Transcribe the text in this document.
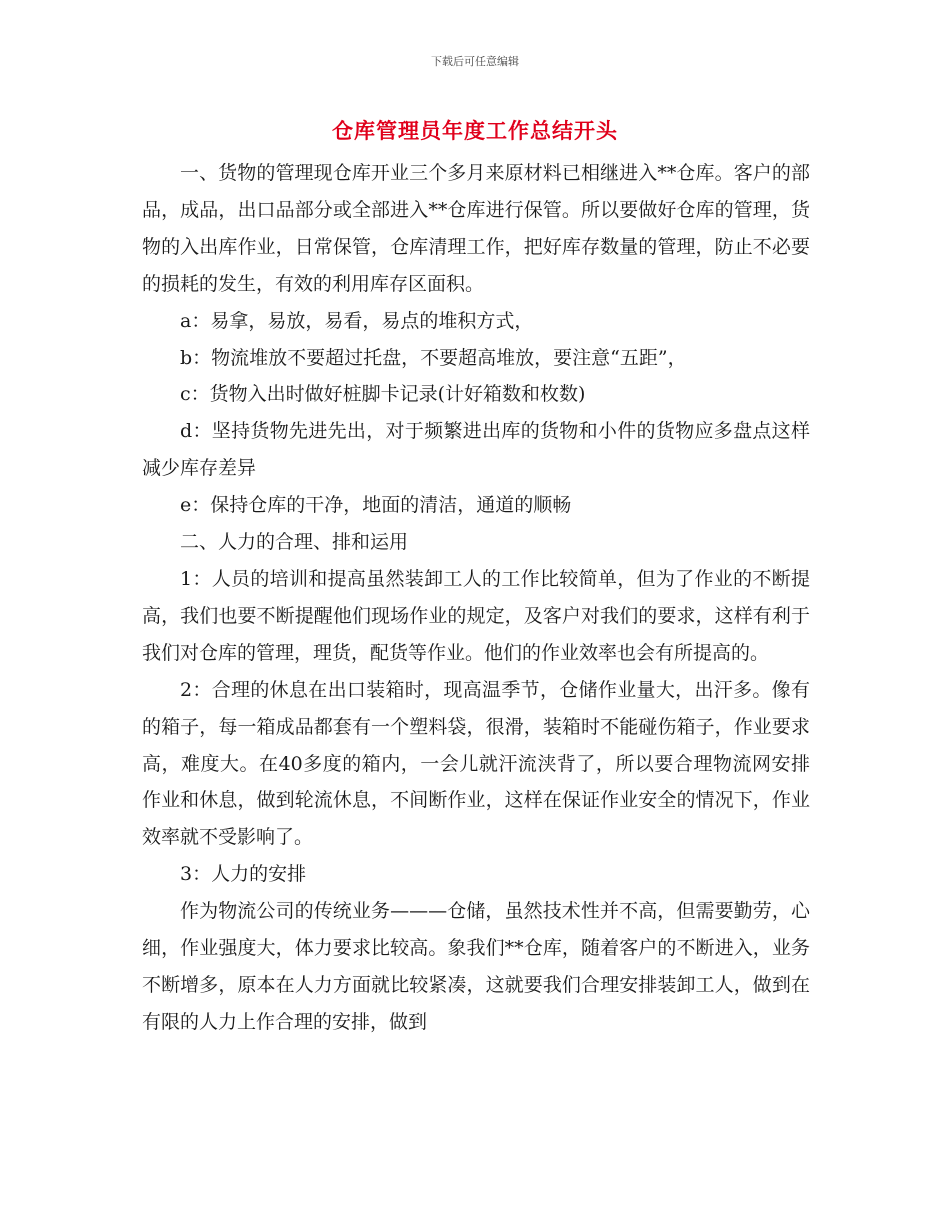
下载后可任意编辑
仓库管理员年度工作总结开头

一、货物的管理现仓库开业三个多月来原材料已相继进入**仓库。客户的部品，成品，出口品部分或全部进入**仓库进行保管。所以要做好仓库的管理，货物的入出库作业，日常保管，仓库清理工作，把好库存数量的管理，防止不必要的损耗的发生，有效的利用库存区面积。

a：易拿，易放，易看，易点的堆积方式，

b：物流堆放不要超过托盘，不要超高堆放，要注意“五距”，

c：货物入出时做好桩脚卡记录(计好箱数和枚数)

d：坚持货物先进先出，对于频繁进出库的货物和小件的货物应多盘点这样减少库存差异

e：保持仓库的干净，地面的清洁，通道的顺畅

二、人力的合理、排和运用

1：人员的培训和提高虽然装卸工人的工作比较简单，但为了作业的不断提高，我们也要不断提醒他们现场作业的规定，及客户对我们的要求，这样有利于我们对仓库的管理，理货，配货等作业。他们的作业效率也会有所提高的。

2：合理的休息在出口装箱时，现高温季节，仓储作业量大，出汗多。像有的箱子，每一箱成品都套有一个塑料袋，很滑，装箱时不能碰伤箱子，作业要求高，难度大。在40多度的箱内，一会儿就汗流浃背了，所以要合理物流网安排作业和休息，做到轮流休息，不间断作业，这样在保证作业安全的情况下，作业效率就不受影响了。

3：人力的安排

作为物流公司的传统业务———仓储，虽然技术性并不高，但需要勤劳，心细，作业强度大，体力要求比较高。象我们**仓库，随着客户的不断进入，业务不断增多，原本在人力方面就比较紧凑，这就要我们合理安排装卸工人，做到在有限的人力上作合理的安排，做到
